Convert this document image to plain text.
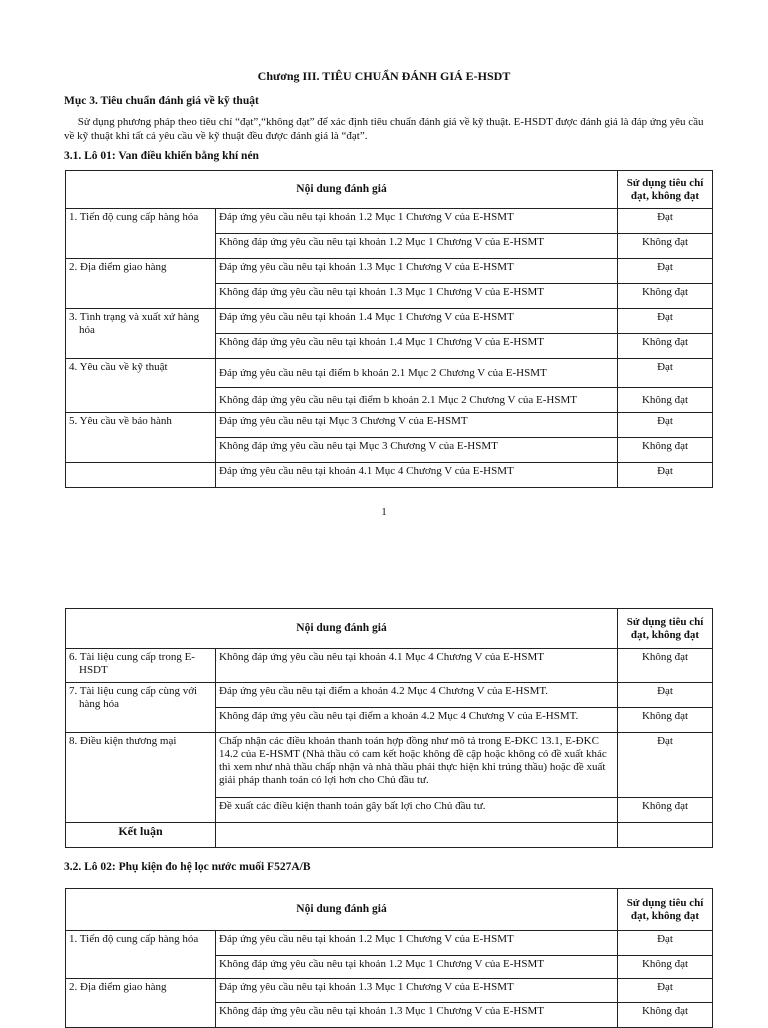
Chương III. TIÊU CHUẨN ĐÁNH GIÁ E-HSDT
Mục 3. Tiêu chuẩn đánh giá về kỹ thuật
Sử dụng phương pháp theo tiêu chí “đạt”,“không đạt” để xác định tiêu chuẩn đánh giá về kỹ thuật. E-HSDT được đánh giá là đáp ứng yêu cầu về kỹ thuật khi tất cả yêu cầu về kỹ thuật đều được đánh giá là “đạt”.
3.1. Lô 01: Van điều khiển bằng khí nén
Nội dung đánh giá		Sử dụng tiêu chí đạt, không đạt
1. Tiến độ cung cấp hàng hóa	Đáp ứng yêu cầu nêu tại khoản 1.2 Mục 1 Chương V của E-HSMT	Đạt
	Không đáp ứng yêu cầu nêu tại khoản 1.2 Mục 1 Chương V của E-HSMT	Không đạt
2. Địa điểm giao hàng	Đáp ứng yêu cầu nêu tại khoản 1.3 Mục 1 Chương V của E-HSMT	Đạt
	Không đáp ứng yêu cầu nêu tại khoản 1.3 Mục 1 Chương V của E-HSMT	Không đạt

3. Tình trạng và xuất xứ hàng hóa	Đáp ứng yêu cầu nêu tại khoản 1.4 Mục 1 Chương V của E-HSMT	Đạt
	Không đáp ứng yêu cầu nêu tại khoản 1.4 Mục 1 Chương V của E-HSMT	Không đạt
4. Yêu cầu về kỹ thuật	Đáp ứng yêu cầu nêu tại điểm b khoản 2.1 Mục 2 Chương V của E-HSMT	Đạt
	Không đáp ứng yêu cầu nêu tại điểm b khoản 2.1 Mục 2 Chương V của E-HSMT	Không đạt
5. Yêu cầu về bảo hành	Đáp ứng yêu cầu nêu tại Mục 3 Chương V của E-HSMT	Đạt
	Không đáp ứng yêu cầu nêu tại Mục 3 Chương V của E-HSMT	Không đạt
	Đáp ứng yêu cầu nêu tại khoản 4.1 Mục 4 Chương V của E-HSMT	Đạt
1
Nội dung đánh giá		Sử dụng tiêu chí đạt, không đạt

6. Tài liệu cung cấp trong E-HSDT	Không đáp ứng yêu cầu nêu tại khoản 4.1 Mục 4 Chương V của E-HSMT	Không đạt

7. Tài liệu cung cấp cùng với hàng hóa	Đáp ứng yêu cầu nêu tại điểm a khoản 4.2 Mục 4 Chương V của E-HSMT.	Đạt
	Không đáp ứng yêu cầu nêu tại điểm a khoản 4.2 Mục 4 Chương V của E-HSMT.	Không đạt
8. Điều kiện thương mại	Chấp nhận các điều khoản thanh toán hợp đồng như mô tả trong E-ĐKC 13.1, E-ĐKC 14.2 của E-HSMT (Nhà thầu có cam kết hoặc không đề cập hoặc không có đề xuất khác thì xem như nhà thầu chấp nhận và nhà thầu phải thực hiện khi trúng thầu) hoặc đề xuất giải pháp thanh toán có lợi hơn cho Chủ đầu tư.	Đạt
	Đề xuất các điều kiện thanh toán gây bất lợi cho Chủ đầu tư.	Không đạt
Kết luận		
3.2. Lô 02: Phụ kiện đo hệ lọc nước muối F527A/B
Nội dung đánh giá		Sử dụng tiêu chí đạt, không đạt
1. Tiến độ cung cấp hàng hóa	Đáp ứng yêu cầu nêu tại khoản 1.2 Mục 1 Chương V của E-HSMT	Đạt
	Không đáp ứng yêu cầu nêu tại khoản 1.2 Mục 1 Chương V của E-HSMT	Không đạt
2. Địa điểm giao hàng	Đáp ứng yêu cầu nêu tại khoản 1.3 Mục 1 Chương V của E-HSMT	Đạt
	Không đáp ứng yêu cầu nêu tại khoản 1.3 Mục 1 Chương V của E-HSMT	Không đạt
